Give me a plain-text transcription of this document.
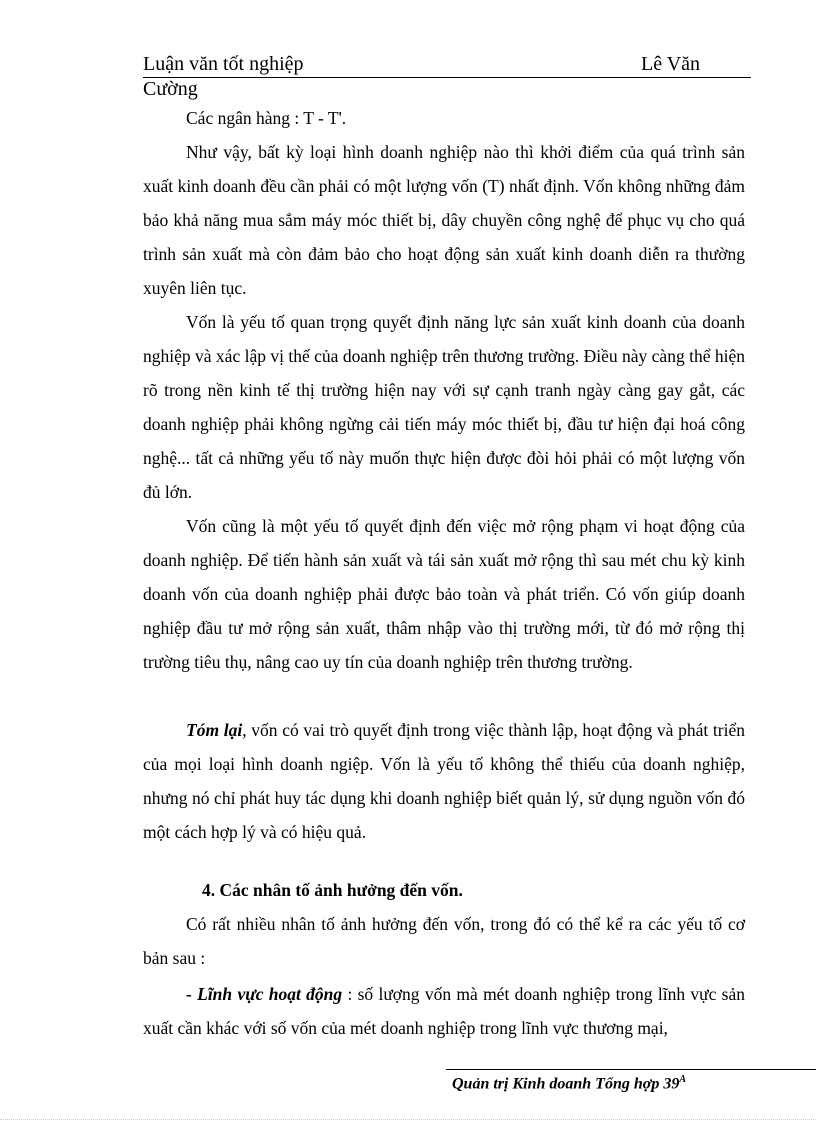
Luận văn tốt nghiệp	Lê Văn
Cường

Các ngân hàng : T - T'.

Như vậy, bất kỳ loại hình doanh nghiệp nào thì khởi điểm của quá trình sản xuất kinh doanh đều cần phải có một lượng vốn (T) nhất định. Vốn không những đảm bảo khả năng mua sắm máy móc thiết bị, dây chuyền công nghệ để phục vụ cho quá trình sản xuất mà còn đảm bảo cho hoạt động sản xuất kinh doanh diễn ra thường xuyên liên tục.

Vốn là yếu tố quan trọng quyết định năng lực sản xuất kinh doanh của doanh nghiệp và xác lập vị thế của doanh nghiệp trên thương trường. Điều này càng thể hiện rõ trong nền kinh tế thị trường hiện nay với sự cạnh tranh ngày càng gay gắt, các doanh nghiệp phải không ngừng cải tiến máy móc thiết bị, đầu tư hiện đại hoá công nghệ... tất cả những yếu tố này muốn thực hiện được đòi hỏi phải có một lượng vốn đủ lớn.

Vốn cũng là một yếu tố quyết định đến việc mở rộng phạm vi hoạt động của doanh nghiệp. Để tiến hành sản xuất và tái sản xuất mở rộng thì sau mét chu kỳ kinh doanh vốn của doanh nghiệp phải được bảo toàn và phát triển. Có vốn giúp doanh nghiệp đầu tư mở rộng sản xuất, thâm nhập vào thị trường mới, từ đó mở rộng thị trường tiêu thụ, nâng cao uy tín của doanh nghiệp trên thương trường.

Tóm lại, vốn có vai trò quyết định trong việc thành lập, hoạt động và phát triển của mọi loại hình doanh ngiệp. Vốn là yếu tố không thể thiếu của doanh nghiệp, nhưng nó chỉ phát huy tác dụng khi doanh nghiệp biết quản lý, sử dụng nguồn vốn đó một cách hợp lý và có hiệu quả.

4. Các nhân tố ảnh hưởng đến vốn.

Có rất nhiều nhân tố ảnh hưởng đến vốn, trong đó có thể kể ra các yếu tố cơ bản sau :

- Lĩnh vực hoạt động : số lượng vốn mà mét doanh nghiệp trong lĩnh vực sản xuất cần khác với số vốn của mét doanh nghiệp trong lĩnh vực thương mại,

Quản trị Kinh doanh Tổng hợp $39^A$
